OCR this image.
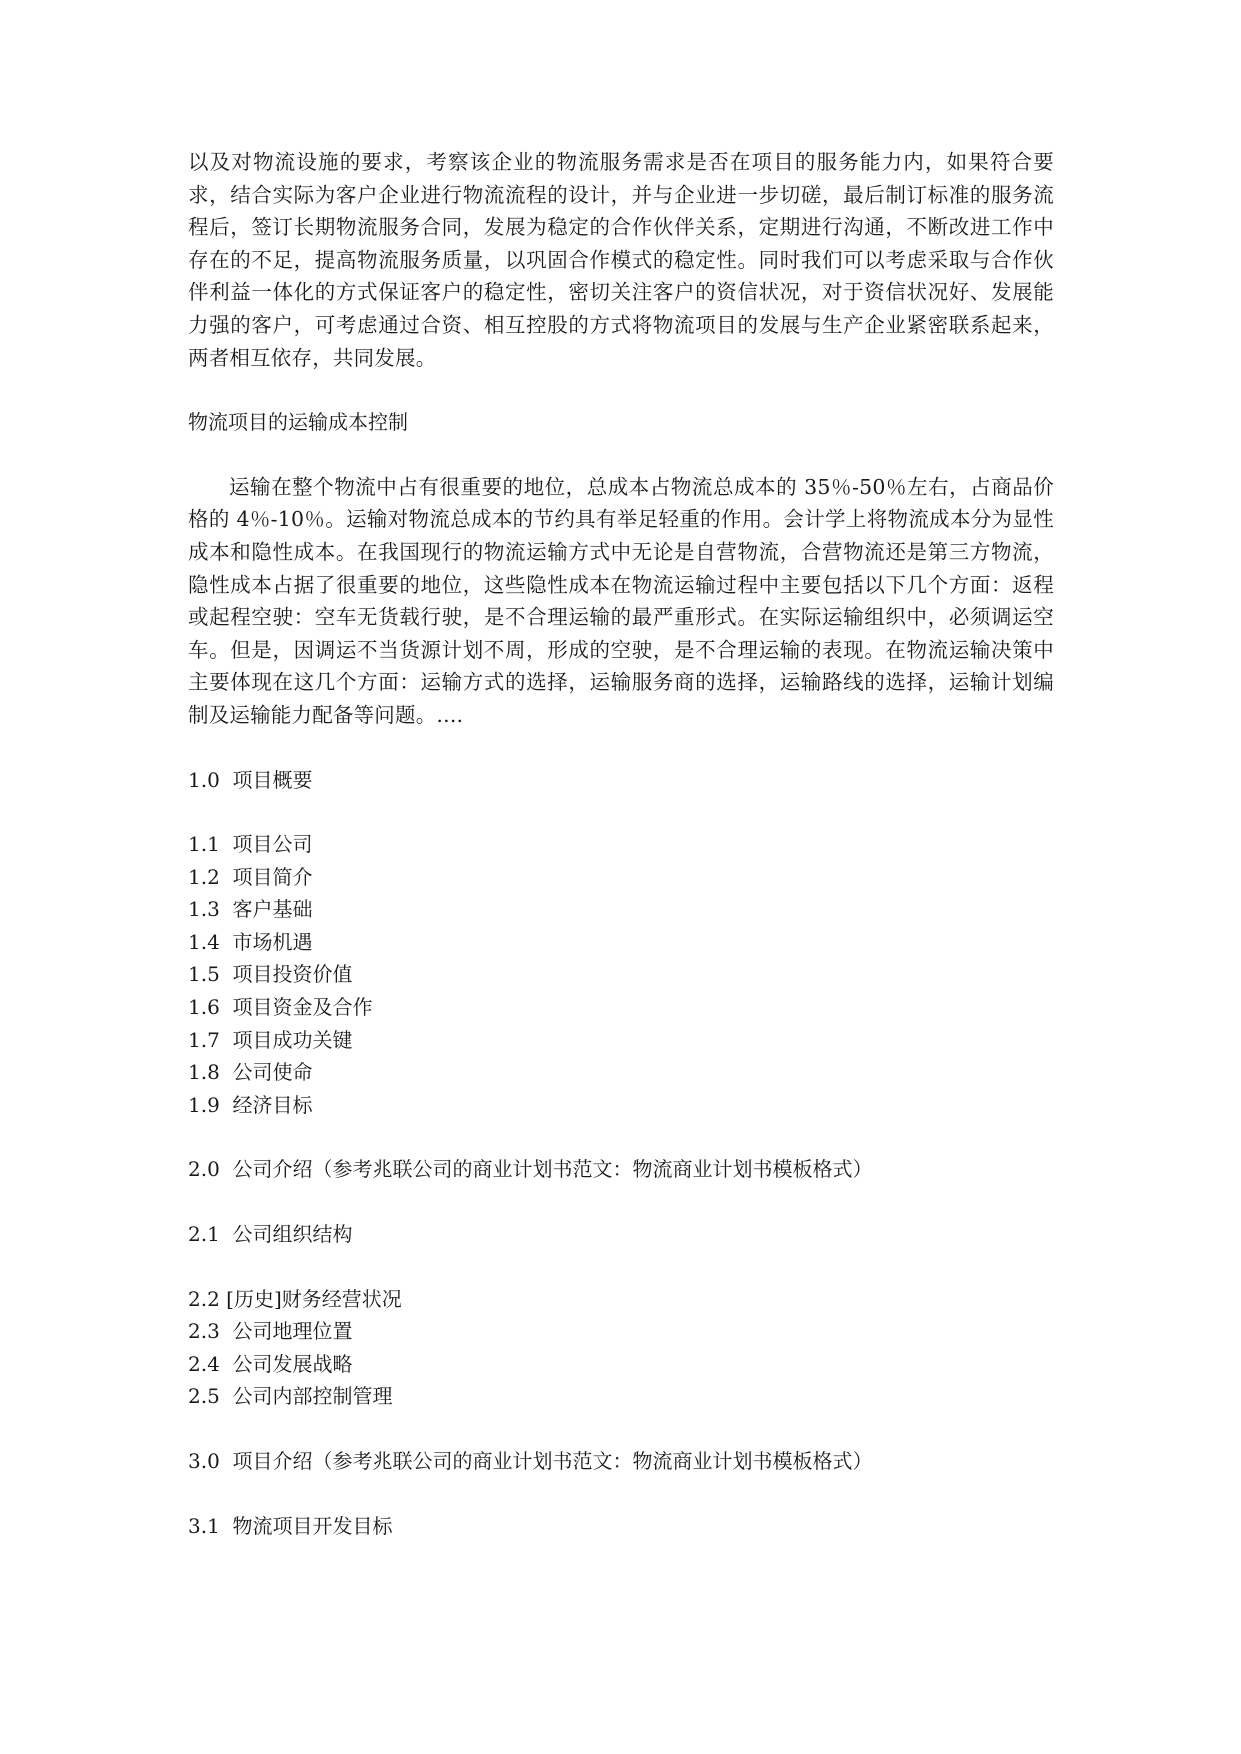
以及对物流设施的要求，考察该企业的物流服务需求是否在项目的服务能力内，如果符合要求，结合实际为客户企业进行物流流程的设计，并与企业进一步切磋，最后制订标准的服务流程后，签订长期物流服务合同，发展为稳定的合作伙伴关系，定期进行沟通，不断改进工作中存在的不足，提高物流服务质量，以巩固合作模式的稳定性。同时我们可以考虑采取与合作伙伴利益一体化的方式保证客户的稳定性，密切关注客户的资信状况，对于资信状况好、发展能力强的客户，可考虑通过合资、相互控股的方式将物流项目的发展与生产企业紧密联系起来，两者相互依存，共同发展。

物流项目的运输成本控制

运输在整个物流中占有很重要的地位，总成本占物流总成本的 35％-50％左右，占商品价格的 4％-10％。运输对物流总成本的节约具有举足轻重的作用。会计学上将物流成本分为显性成本和隐性成本。在我国现行的物流运输方式中无论是自营物流，合营物流还是第三方物流，隐性成本占据了很重要的地位，这些隐性成本在物流运输过程中主要包括以下几个方面：返程或起程空驶：空车无货载行驶，是不合理运输的最严重形式。在实际运输组织中，必须调运空车。但是，因调运不当货源计划不周，形成的空驶，是不合理运输的表现。在物流运输决策中主要体现在这几个方面：运输方式的选择，运输服务商的选择，运输路线的选择，运输计划编制及运输能力配备等问题。....

1.0  项目概要

1.1  项目公司

1.2  项目简介

1.3  客户基础

1.4  市场机遇

1.5  项目投资价值

1.6  项目资金及合作

1.7  项目成功关键

1.8  公司使命

1.9  经济目标

2.0  公司介绍（参考兆联公司的商业计划书范文：物流商业计划书模板格式）

2.1  公司组织结构

2.2 [历史]财务经营状况

2.3  公司地理位置

2.4  公司发展战略

2.5  公司内部控制管理

3.0  项目介绍（参考兆联公司的商业计划书范文：物流商业计划书模板格式）

3.1  物流项目开发目标
